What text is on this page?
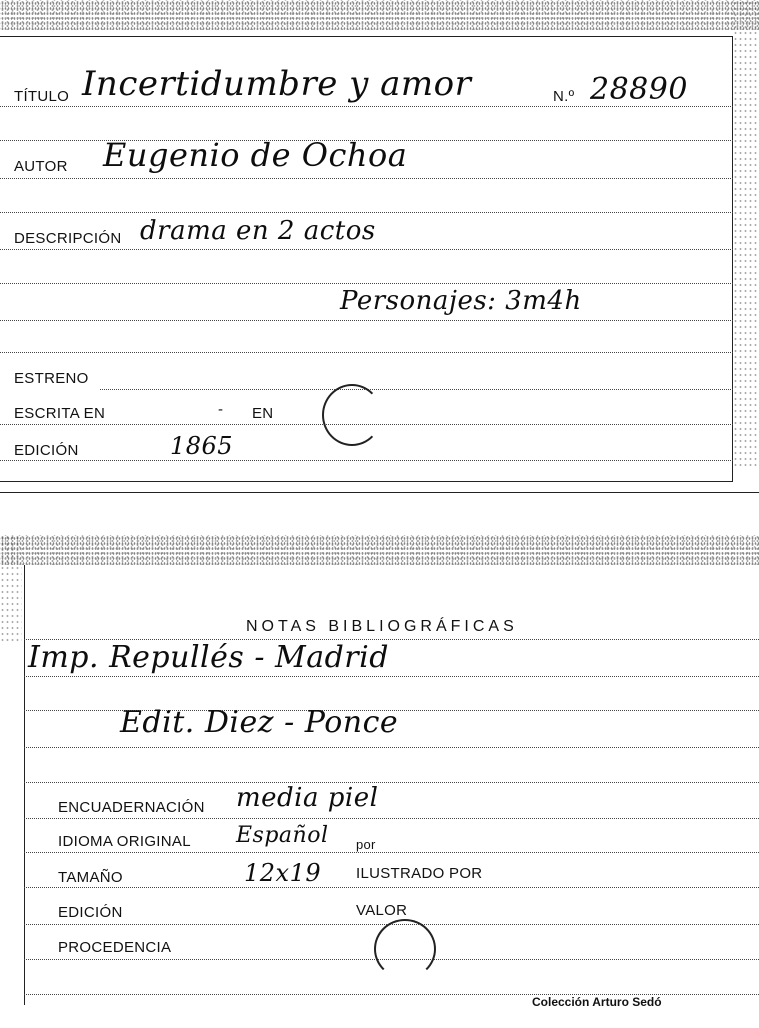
TÍTULO Incertidumbre y amor	N.º 28890
AUTOR Eugenio de Ochoa
DESCRIPCIÓN drama en 2 actos
Personajes: 3m4h
ESTRENO
ESCRITA EN	- EN
EDICIÓN	1865
NOTAS BIBLIOGRÁFICAS
Imp. Repullés - Madrid
Edit. Diez - Ponce
ENCUADERNACIÓN media piel
IDIOMA ORIGINAL Español por
TAMAÑO	12x19 ILUSTRADO POR
EDICIÓN	VALOR
PROCEDENCIA
Colección Arturo Sedó
